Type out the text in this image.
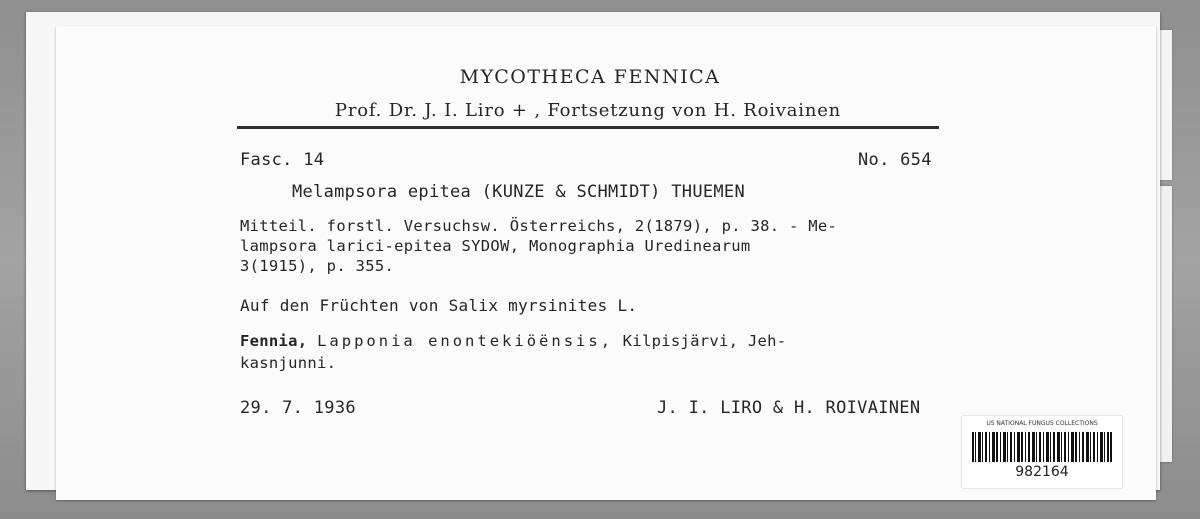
MYCOTHECA FENNICA
Prof. Dr. J. I. Liro + , Fortsetzung von H. Roivainen
Fasc. 14	No. 654
Melampsora epitea (KUNZE & SCHMIDT) THUEMEN
Mitteil. forstl. Versuchsw. Österreichs, 2(1879), p. 38. - Me-
lampsora larici-epitea SYDOW, Monographia Uredinearum
3(1915), p. 355.
Auf den Früchten von Salix myrsinites L.
Fennia, Lapponia enontekiöënsis, Kilpisjärvi, Jeh-
kasnjunni.
29. 7. 1936	J. I. LIRO & H. ROIVAINEN
US NATIONAL FUNGUS COLLECTIONS
982164
